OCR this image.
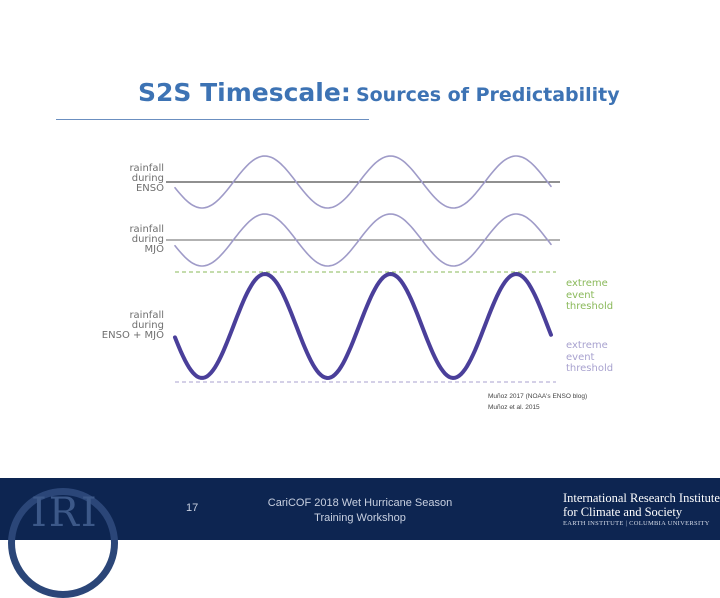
S2S Timescale: Sources of Predictability
rainfall
during
ENSO
rainfall
during
MJO
rainfall
during
ENSO + MJO
extreme
event
threshold
extreme
event
threshold
Muñoz 2017 (NOAA's ENSO blog)
Muñoz et al. 2015
IRI	17	CariCOF 2018 Wet Hurricane Season
Training Workshop
International Research Institute
for Climate and Society
EARTH INSTITUTE | COLUMBIA UNIVERSITY
